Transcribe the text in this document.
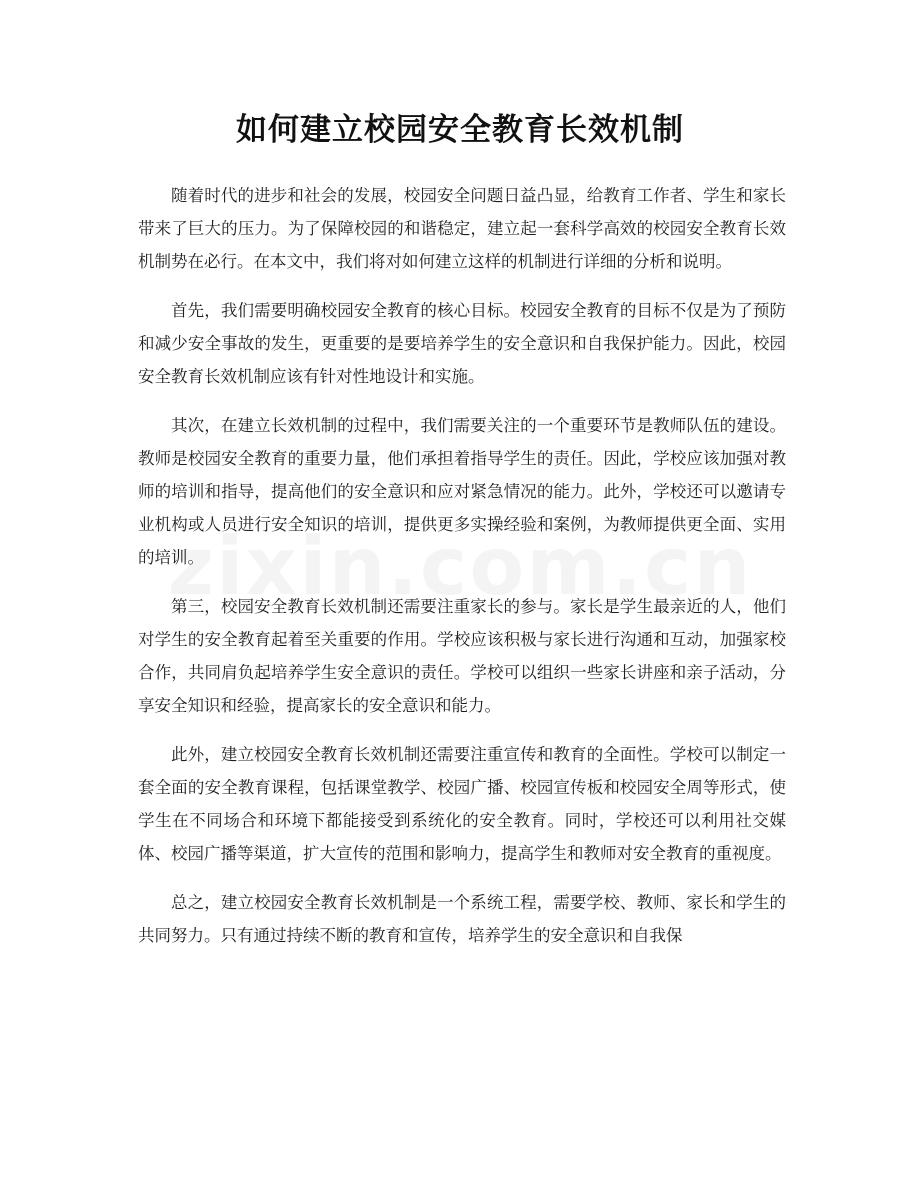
如何建立校园安全教育长效机制

随着时代的进步和社会的发展，校园安全问题日益凸显，给教育工作者、学生和家长带来了巨大的压力。为了保障校园的和谐稳定，建立起一套科学高效的校园安全教育长效机制势在必行。在本文中，我们将对如何建立这样的机制进行详细的分析和说明。

首先，我们需要明确校园安全教育的核心目标。校园安全教育的目标不仅是为了预防和减少安全事故的发生，更重要的是要培养学生的安全意识和自我保护能力。因此，校园安全教育长效机制应该有针对性地设计和实施。

其次，在建立长效机制的过程中，我们需要关注的一个重要环节是教师队伍的建设。教师是校园安全教育的重要力量，他们承担着指导学生的责任。因此，学校应该加强对教师的培训和指导，提高他们的安全意识和应对紧急情况的能力。此外，学校还可以邀请专业机构或人员进行安全知识的培训，提供更多实操经验和案例，为教师提供更全面、实用的培训。

第三，校园安全教育长效机制还需要注重家长的参与。家长是学生最亲近的人，他们对学生的安全教育起着至关重要的作用。学校应该积极与家长进行沟通和互动，加强家校合作，共同肩负起培养学生安全意识的责任。学校可以组织一些家长讲座和亲子活动，分享安全知识和经验，提高家长的安全意识和能力。

此外，建立校园安全教育长效机制还需要注重宣传和教育的全面性。学校可以制定一套全面的安全教育课程，包括课堂教学、校园广播、校园宣传板和校园安全周等形式，使学生在不同场合和环境下都能接受到系统化的安全教育。同时，学校还可以利用社交媒体、校园广播等渠道，扩大宣传的范围和影响力，提高学生和教师对安全教育的重视度。

总之，建立校园安全教育长效机制是一个系统工程，需要学校、教师、家长和学生的共同努力。只有通过持续不断的教育和宣传，培养学生的安全意识和自我保
